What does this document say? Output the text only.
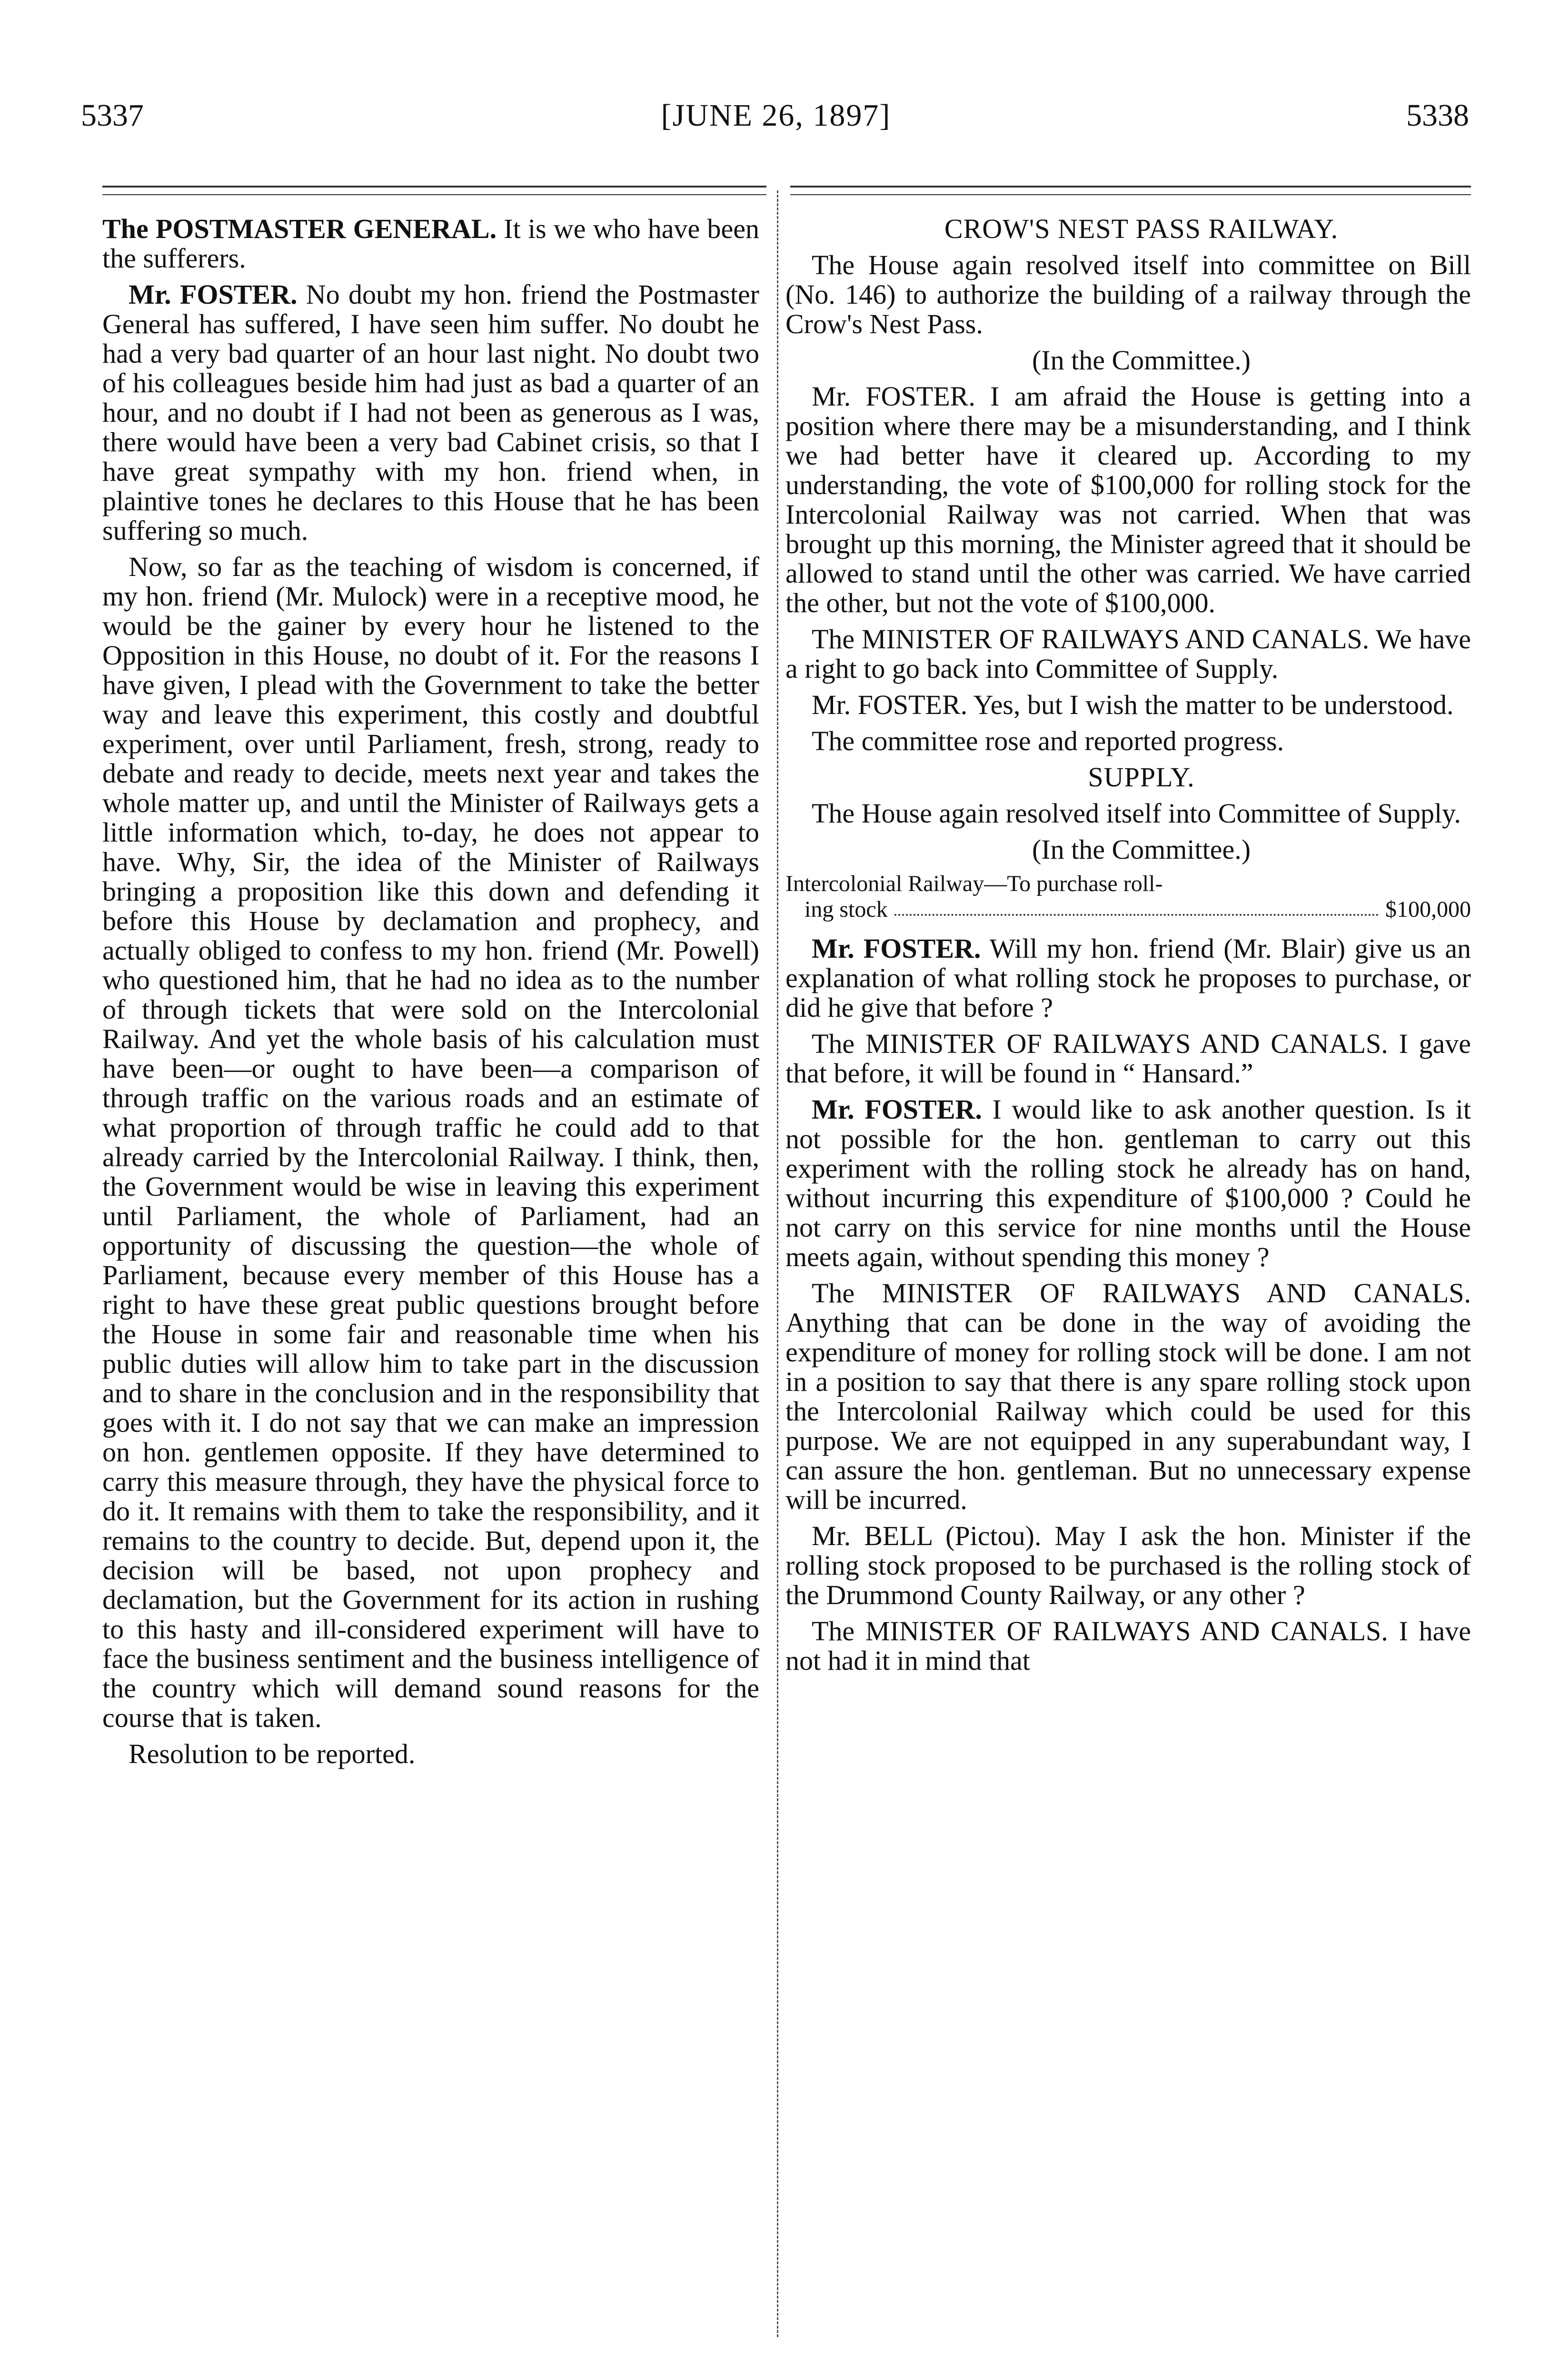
5337	[JUNE 26, 1897]	5338

The POSTMASTER GENERAL. It is we who have been the sufferers.

Mr. FOSTER. No doubt my hon. friend the Postmaster General has suffered, I have seen him suffer. No doubt he had a very bad quarter of an hour last night. No doubt two of his colleagues beside him had just as bad a quarter of an hour, and no doubt if I had not been as generous as I was, there would have been a very bad Cabinet crisis, so that I have great sympathy with my hon. friend when, in plaintive tones he declares to this House that he has been suffering so much.

Now, so far as the teaching of wisdom is concerned, if my hon. friend (Mr. Mulock) were in a receptive mood, he would be the gainer by every hour he listened to the Opposition in this House, no doubt of it. For the reasons I have given, I plead with the Government to take the better way and leave this experiment, this costly and doubtful experiment, over until Parliament, fresh, strong, ready to debate and ready to decide, meets next year and takes the whole matter up, and until the Minister of Railways gets a little information which, to-day, he does not appear to have. Why, Sir, the idea of the Minister of Railways bringing a proposition like this down and defending it before this House by declamation and prophecy, and actually obliged to confess to my hon. friend (Mr. Powell) who questioned him, that he had no idea as to the number of through tickets that were sold on the Intercolonial Railway. And yet the whole basis of his calculation must have been—or ought to have been—a comparison of through traffic on the various roads and an estimate of what proportion of through traffic he could add to that already carried by the Intercolonial Railway. I think, then, the Government would be wise in leaving this experiment until Parliament, the whole of Parliament, had an opportunity of discussing the question—the whole of Parliament, because every member of this House has a right to have these great public questions brought before the House in some fair and reasonable time when his public duties will allow him to take part in the discussion and to share in the conclusion and in the responsibility that goes with it. I do not say that we can make an impression on hon. gentlemen opposite. If they have determined to carry this measure through, they have the physical force to do it. It remains with them to take the responsibility, and it remains to the country to decide. But, depend upon it, the decision will be based, not upon prophecy and declamation, but the Government for its action in rushing to this hasty and ill-considered experiment will have to face the business sentiment and the business intelligence of the country which will demand sound reasons for the course that is taken.

Resolution to be reported.

CROW'S NEST PASS RAILWAY.

The House again resolved itself into committee on Bill (No. 146) to authorize the building of a railway through the Crow's Nest Pass.

(In the Committee.)

Mr. FOSTER. I am afraid the House is getting into a position where there may be a misunderstanding, and I think we had better have it cleared up. According to my understanding, the vote of $100,000 for rolling stock for the Intercolonial Railway was not carried. When that was brought up this morning, the Minister agreed that it should be allowed to stand until the other was carried. We have carried the other, but not the vote of $100,000.

The MINISTER OF RAILWAYS AND CANALS. We have a right to go back into Committee of Supply.

Mr. FOSTER. Yes, but I wish the matter to be understood.

The committee rose and reported progress.

SUPPLY.

The House again resolved itself into Committee of Supply.

(In the Committee.)

Intercolonial Railway—To purchase roll-
ing stock	$100,000

Mr. FOSTER. Will my hon. friend (Mr. Blair) give us an explanation of what rolling stock he proposes to purchase, or did he give that before ?

The MINISTER OF RAILWAYS AND CANALS. I gave that before, it will be found in “ Hansard.”

Mr. FOSTER. I would like to ask another question. Is it not possible for the hon. gentleman to carry out this experiment with the rolling stock he already has on hand, without incurring this expenditure of $100,000 ? Could he not carry on this service for nine months until the House meets again, without spending this money ?

The MINISTER OF RAILWAYS AND CANALS. Anything that can be done in the way of avoiding the expenditure of money for rolling stock will be done. I am not in a position to say that there is any spare rolling stock upon the Intercolonial Railway which could be used for this purpose. We are not equipped in any superabundant way, I can assure the hon. gentleman. But no unnecessary expense will be incurred.

Mr. BELL (Pictou). May I ask the hon. Minister if the rolling stock proposed to be purchased is the rolling stock of the Drummond County Railway, or any other ?

The MINISTER OF RAILWAYS AND CANALS. I have not had it in mind that
